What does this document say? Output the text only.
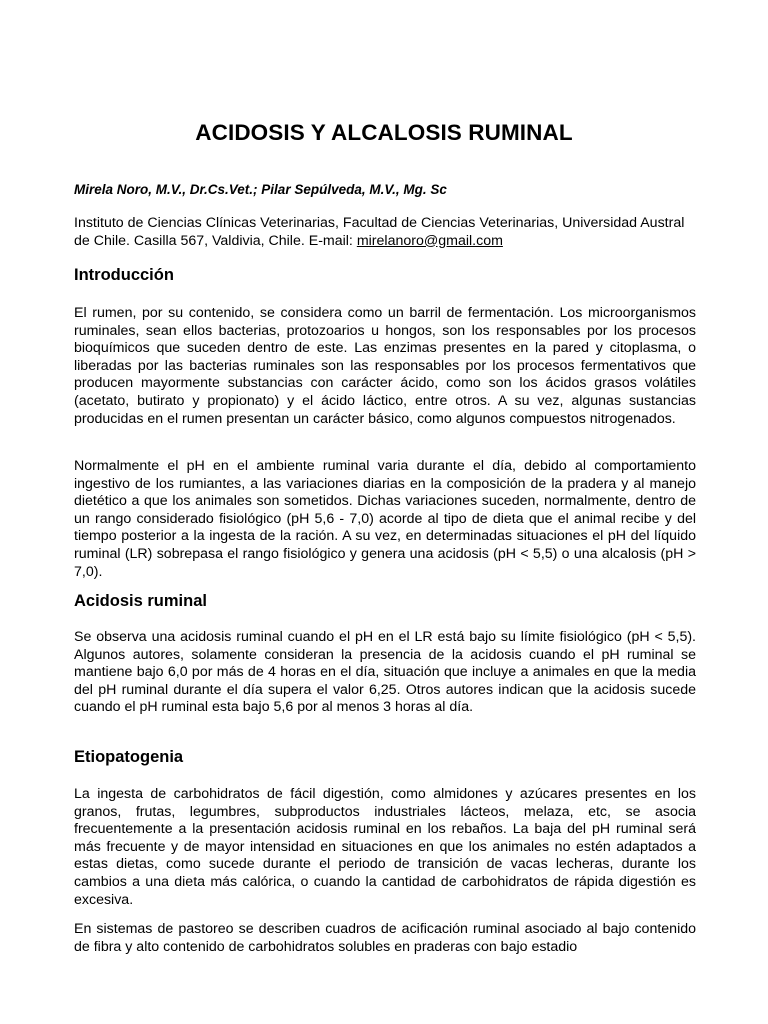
ACIDOSIS Y ALCALOSIS RUMINAL
Mirela Noro, M.V., Dr.Cs.Vet.; Pilar Sepúlveda, M.V., Mg. Sc
Instituto de Ciencias Clínicas Veterinarias, Facultad de Ciencias Veterinarias, Universidad Austral de Chile. Casilla 567, Valdivia, Chile. E-mail: mirelanoro@gmail.com
Introducción
El rumen, por su contenido, se considera como un barril de fermentación. Los microorganismos ruminales, sean ellos bacterias, protozoarios u hongos, son los responsables por los procesos bioquímicos que suceden dentro de este. Las enzimas presentes en la pared y citoplasma, o liberadas por las bacterias ruminales son las responsables por los procesos fermentativos que producen mayormente substancias con carácter ácido, como son los ácidos grasos volátiles (acetato, butirato y propionato) y el ácido láctico, entre otros. A su vez, algunas sustancias producidas en el rumen presentan un carácter básico, como algunos compuestos nitrogenados.
Normalmente el pH en el ambiente ruminal varia durante el día, debido al comportamiento ingestivo de los rumiantes, a las variaciones diarias en la composición de la pradera y al manejo dietético a que los animales son sometidos. Dichas variaciones suceden, normalmente, dentro de un rango considerado fisiológico (pH 5,6 - 7,0) acorde al tipo de dieta que el animal recibe y del tiempo posterior a la ingesta de la ración. A su vez, en determinadas situaciones el pH del líquido ruminal (LR) sobrepasa el rango fisiológico y genera una acidosis (pH < 5,5) o una alcalosis (pH > 7,0).
Acidosis ruminal
Se observa una acidosis ruminal cuando el pH en el LR está bajo su límite fisiológico (pH < 5,5). Algunos autores, solamente consideran la presencia de la acidosis cuando el pH ruminal se mantiene bajo 6,0 por más de 4 horas en el día, situación que incluye a animales en que la media del pH ruminal durante el día supera el valor 6,25. Otros autores indican que la acidosis sucede cuando el pH ruminal esta bajo 5,6 por al menos 3 horas al día.
Etiopatogenia
La ingesta de carbohidratos de fácil digestión, como almidones y azúcares presentes en los granos, frutas, legumbres, subproductos industriales lácteos, melaza, etc, se asocia frecuentemente a la presentación acidosis ruminal en los rebaños. La baja del pH ruminal será más frecuente y de mayor intensidad en situaciones en que los animales no estén adaptados a estas dietas, como sucede durante el periodo de transición de vacas lecheras, durante los cambios a una dieta más calórica, o cuando la cantidad de carbohidratos de rápida digestión es excesiva.
En sistemas de pastoreo se describen cuadros de acificación ruminal asociado al bajo contenido de fibra y alto contenido de carbohidratos solubles en praderas con bajo estadio
